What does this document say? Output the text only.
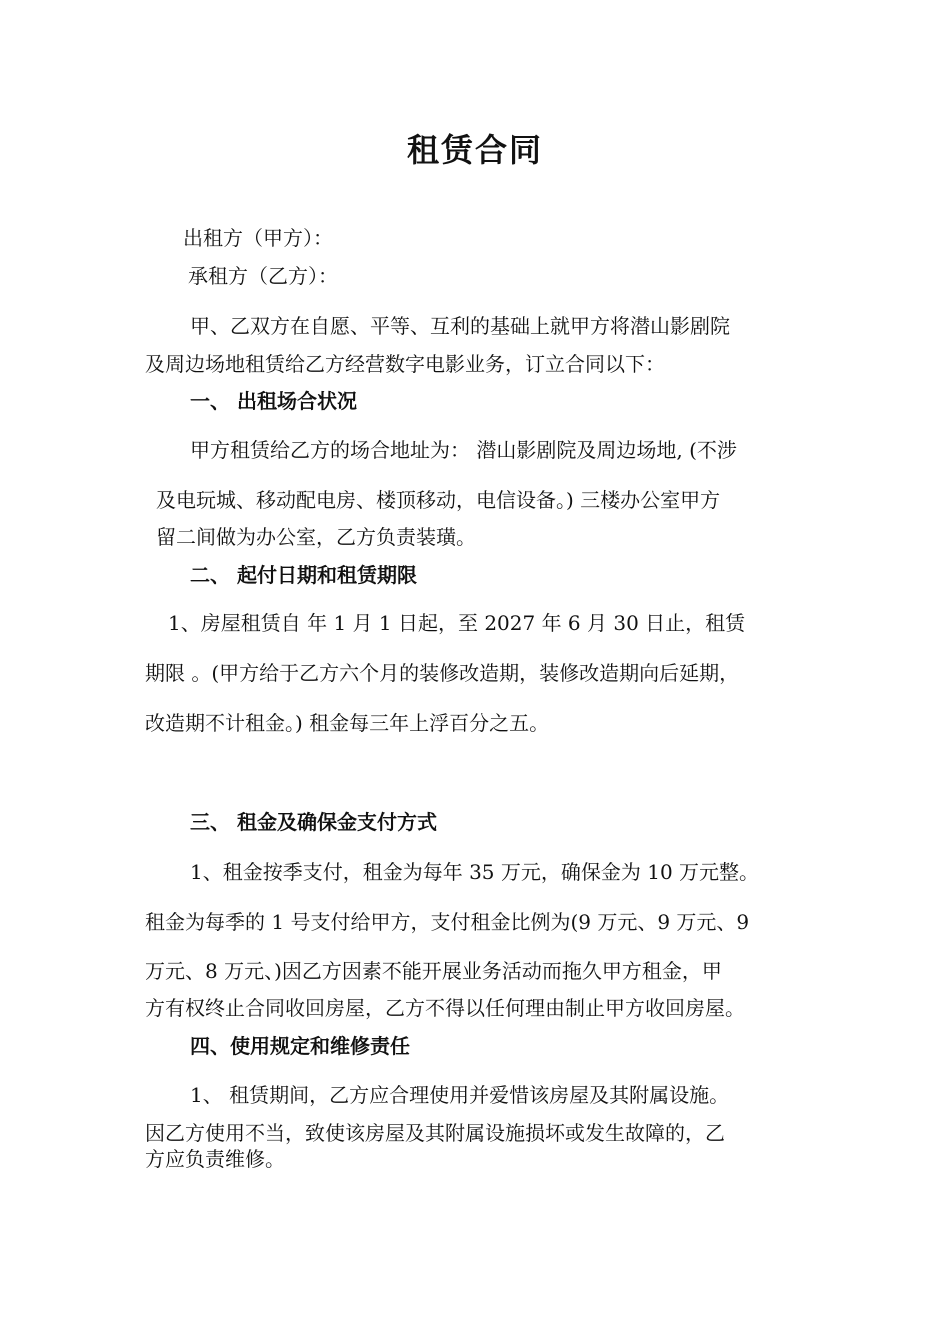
租赁合同
出租方（甲方）：
承租方（乙方）：
甲、乙双方在自愿、平等、互利的基础上就甲方将潜山影剧院
及周边场地租赁给乙方经营数字电影业务，订立合同以下：
一、 出租场合状况
甲方租赁给乙方的场合地址为： 潜山影剧院及周边场地, (不涉
及电玩城、移动配电房、楼顶移动，电信设备。) 三楼办公室甲方
留二间做为办公室，乙方负责装璜。
二、 起付日期和租赁期限
1、房屋租赁自 年 1 月 1 日起，至 2027 年 6 月 30 日止，租赁
期限 。(甲方给于乙方六个月的装修改造期，装修改造期向后延期，
改造期不计租金。) 租金每三年上浮百分之五。
三、 租金及确保金支付方式
1、租金按季支付，租金为每年 35 万元，确保金为 10 万元整。
租金为每季的 1 号支付给甲方，支付租金比例为(9 万元、9 万元、9
万元、8 万元、)因乙方因素不能开展业务活动而拖久甲方租金，甲
方有权终止合同收回房屋，乙方不得以任何理由制止甲方收回房屋。
四、使用规定和维修责任
1、 租赁期间，乙方应合理使用并爱惜该房屋及其附属设施。
因乙方使用不当，致使该房屋及其附属设施损坏或发生故障的，乙
方应负责维修。
